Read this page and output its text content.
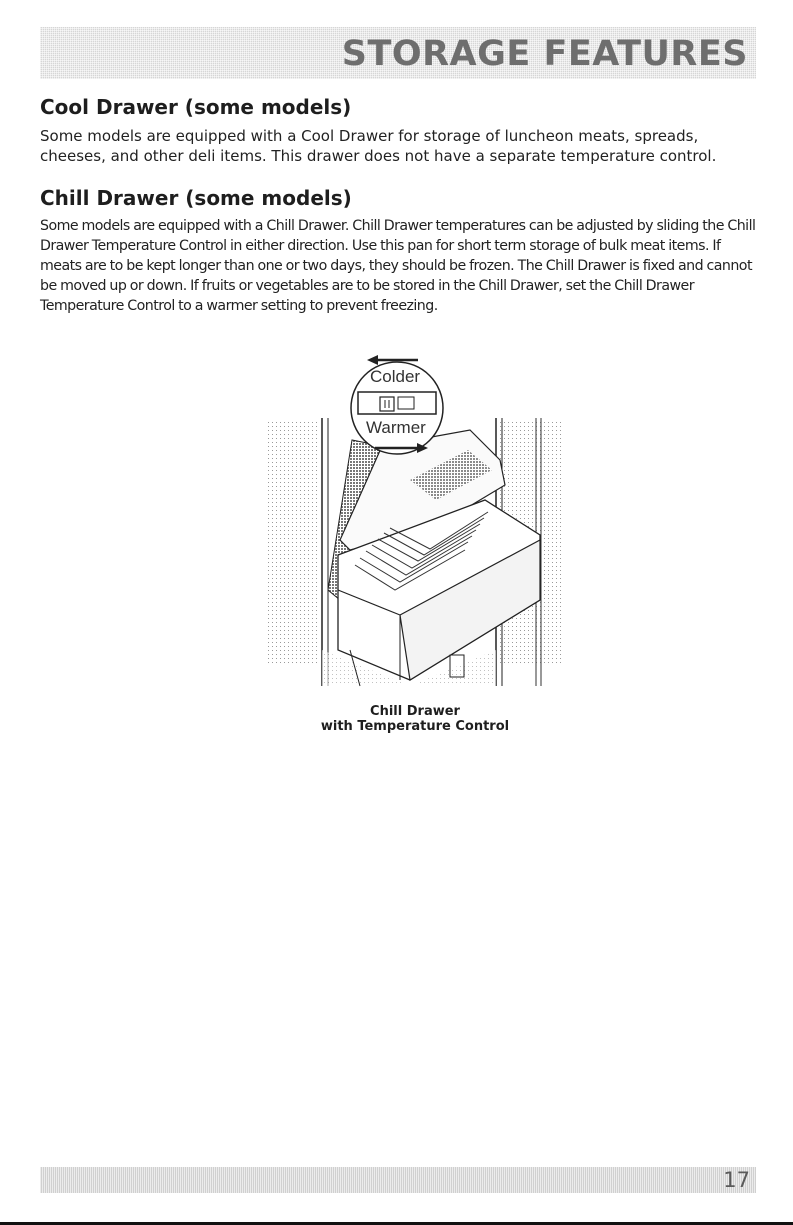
STORAGE FEATURES
Cool Drawer (some models)

Some models are equipped with a Cool Drawer for storage of luncheon meats, spreads, cheeses, and other deli items. This drawer does not have a separate temperature control.

Chill Drawer (some models)

Some models are equipped with a Chill Drawer. Chill Drawer temperatures can be adjusted by sliding the Chill Drawer Temperature Control in either direction. Use this pan for short term storage of bulk meat items. If meats are to be kept longer than one or two days, they should be frozen. The Chill Drawer is fixed and cannot be moved up or down. If fruits or vegetables are to be stored in the Chill Drawer, set the Chill Drawer Temperature Control to a warmer setting to prevent freezing.

Colder
Warmer

Chill Drawer

with Temperature Control

17
